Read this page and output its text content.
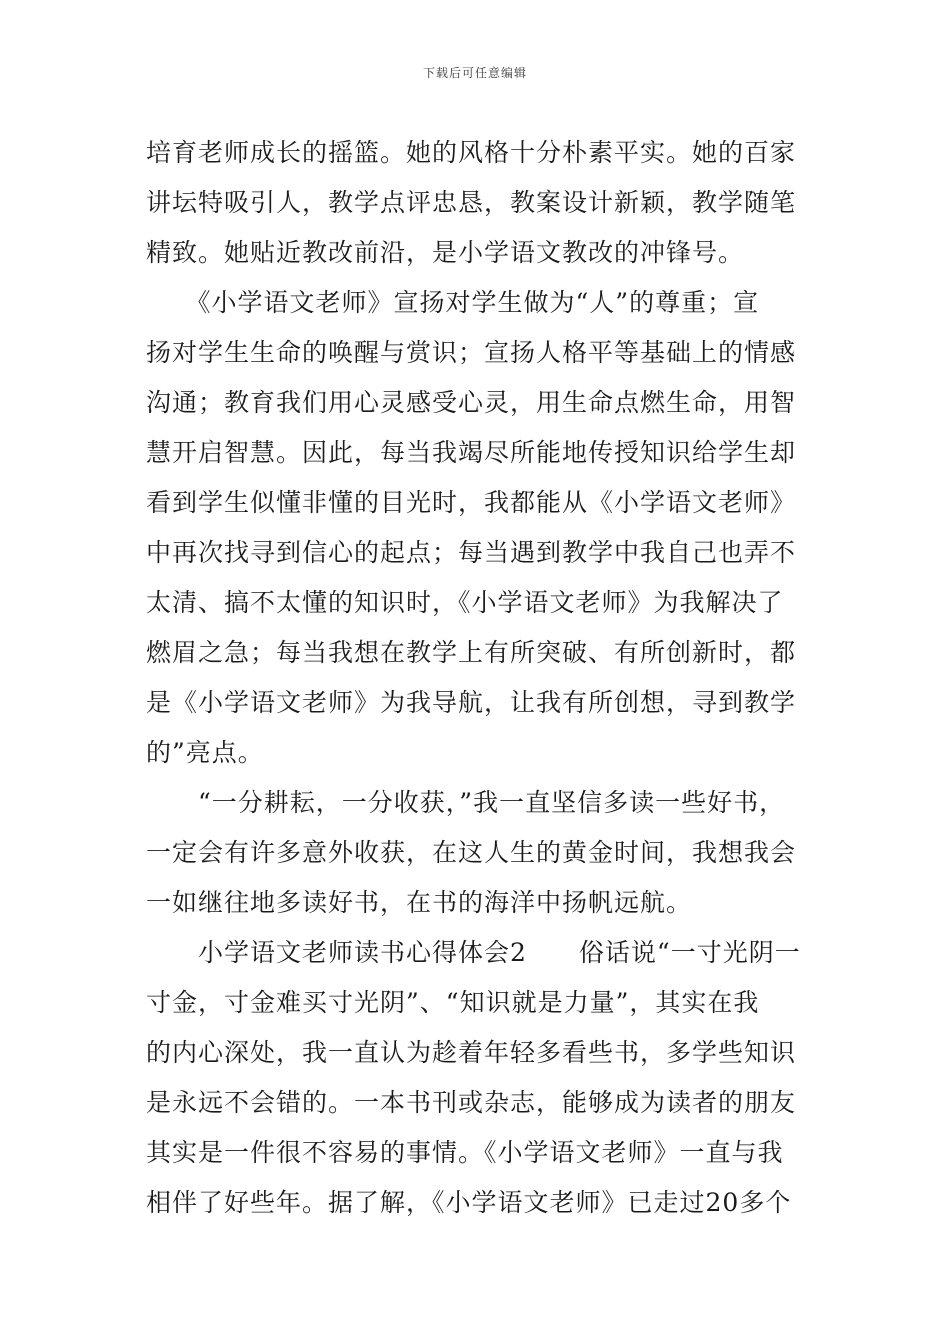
下载后可任意编辑
培育老师成长的摇篮。她的风格十分朴素平实。她的百家
讲坛特吸引人，教学点评忠恳，教案设计新颖，教学随笔
精致。她贴近教改前沿，是小学语文教改的冲锋号。
　　《小学语文老师》宣扬对学生做为“人”的尊重；宣
扬对学生生命的唤醒与赏识；宣扬人格平等基础上的情感
沟通；教育我们用心灵感受心灵，用生命点燃生命，用智
慧开启智慧。因此，每当我竭尽所能地传授知识给学生却
看到学生似懂非懂的目光时，我都能从《小学语文老师》
中再次找寻到信心的起点；每当遇到教学中我自己也弄不
太清、搞不太懂的知识时，《小学语文老师》为我解决了
燃眉之急；每当我想在教学上有所突破、有所创新时，都
是《小学语文老师》为我导航，让我有所创想，寻到教学
的”亮点。
　　“一分耕耘，一分收获，”我一直坚信多读一些好书，
一定会有许多意外收获，在这人生的黄金时间，我想我会
一如继往地多读好书，在书的海洋中扬帆远航。
　　小学语文老师读书心得体会2　　俗话说“一寸光阴一
寸金，寸金难买寸光阴”、“知识就是力量”，其实在我
的内心深处，我一直认为趁着年轻多看些书，多学些知识
是永远不会错的。一本书刊或杂志，能够成为读者的朋友
其实是一件很不容易的事情。《小学语文老师》一直与我
相伴了好些年。据了解，《小学语文老师》已走过20多个
